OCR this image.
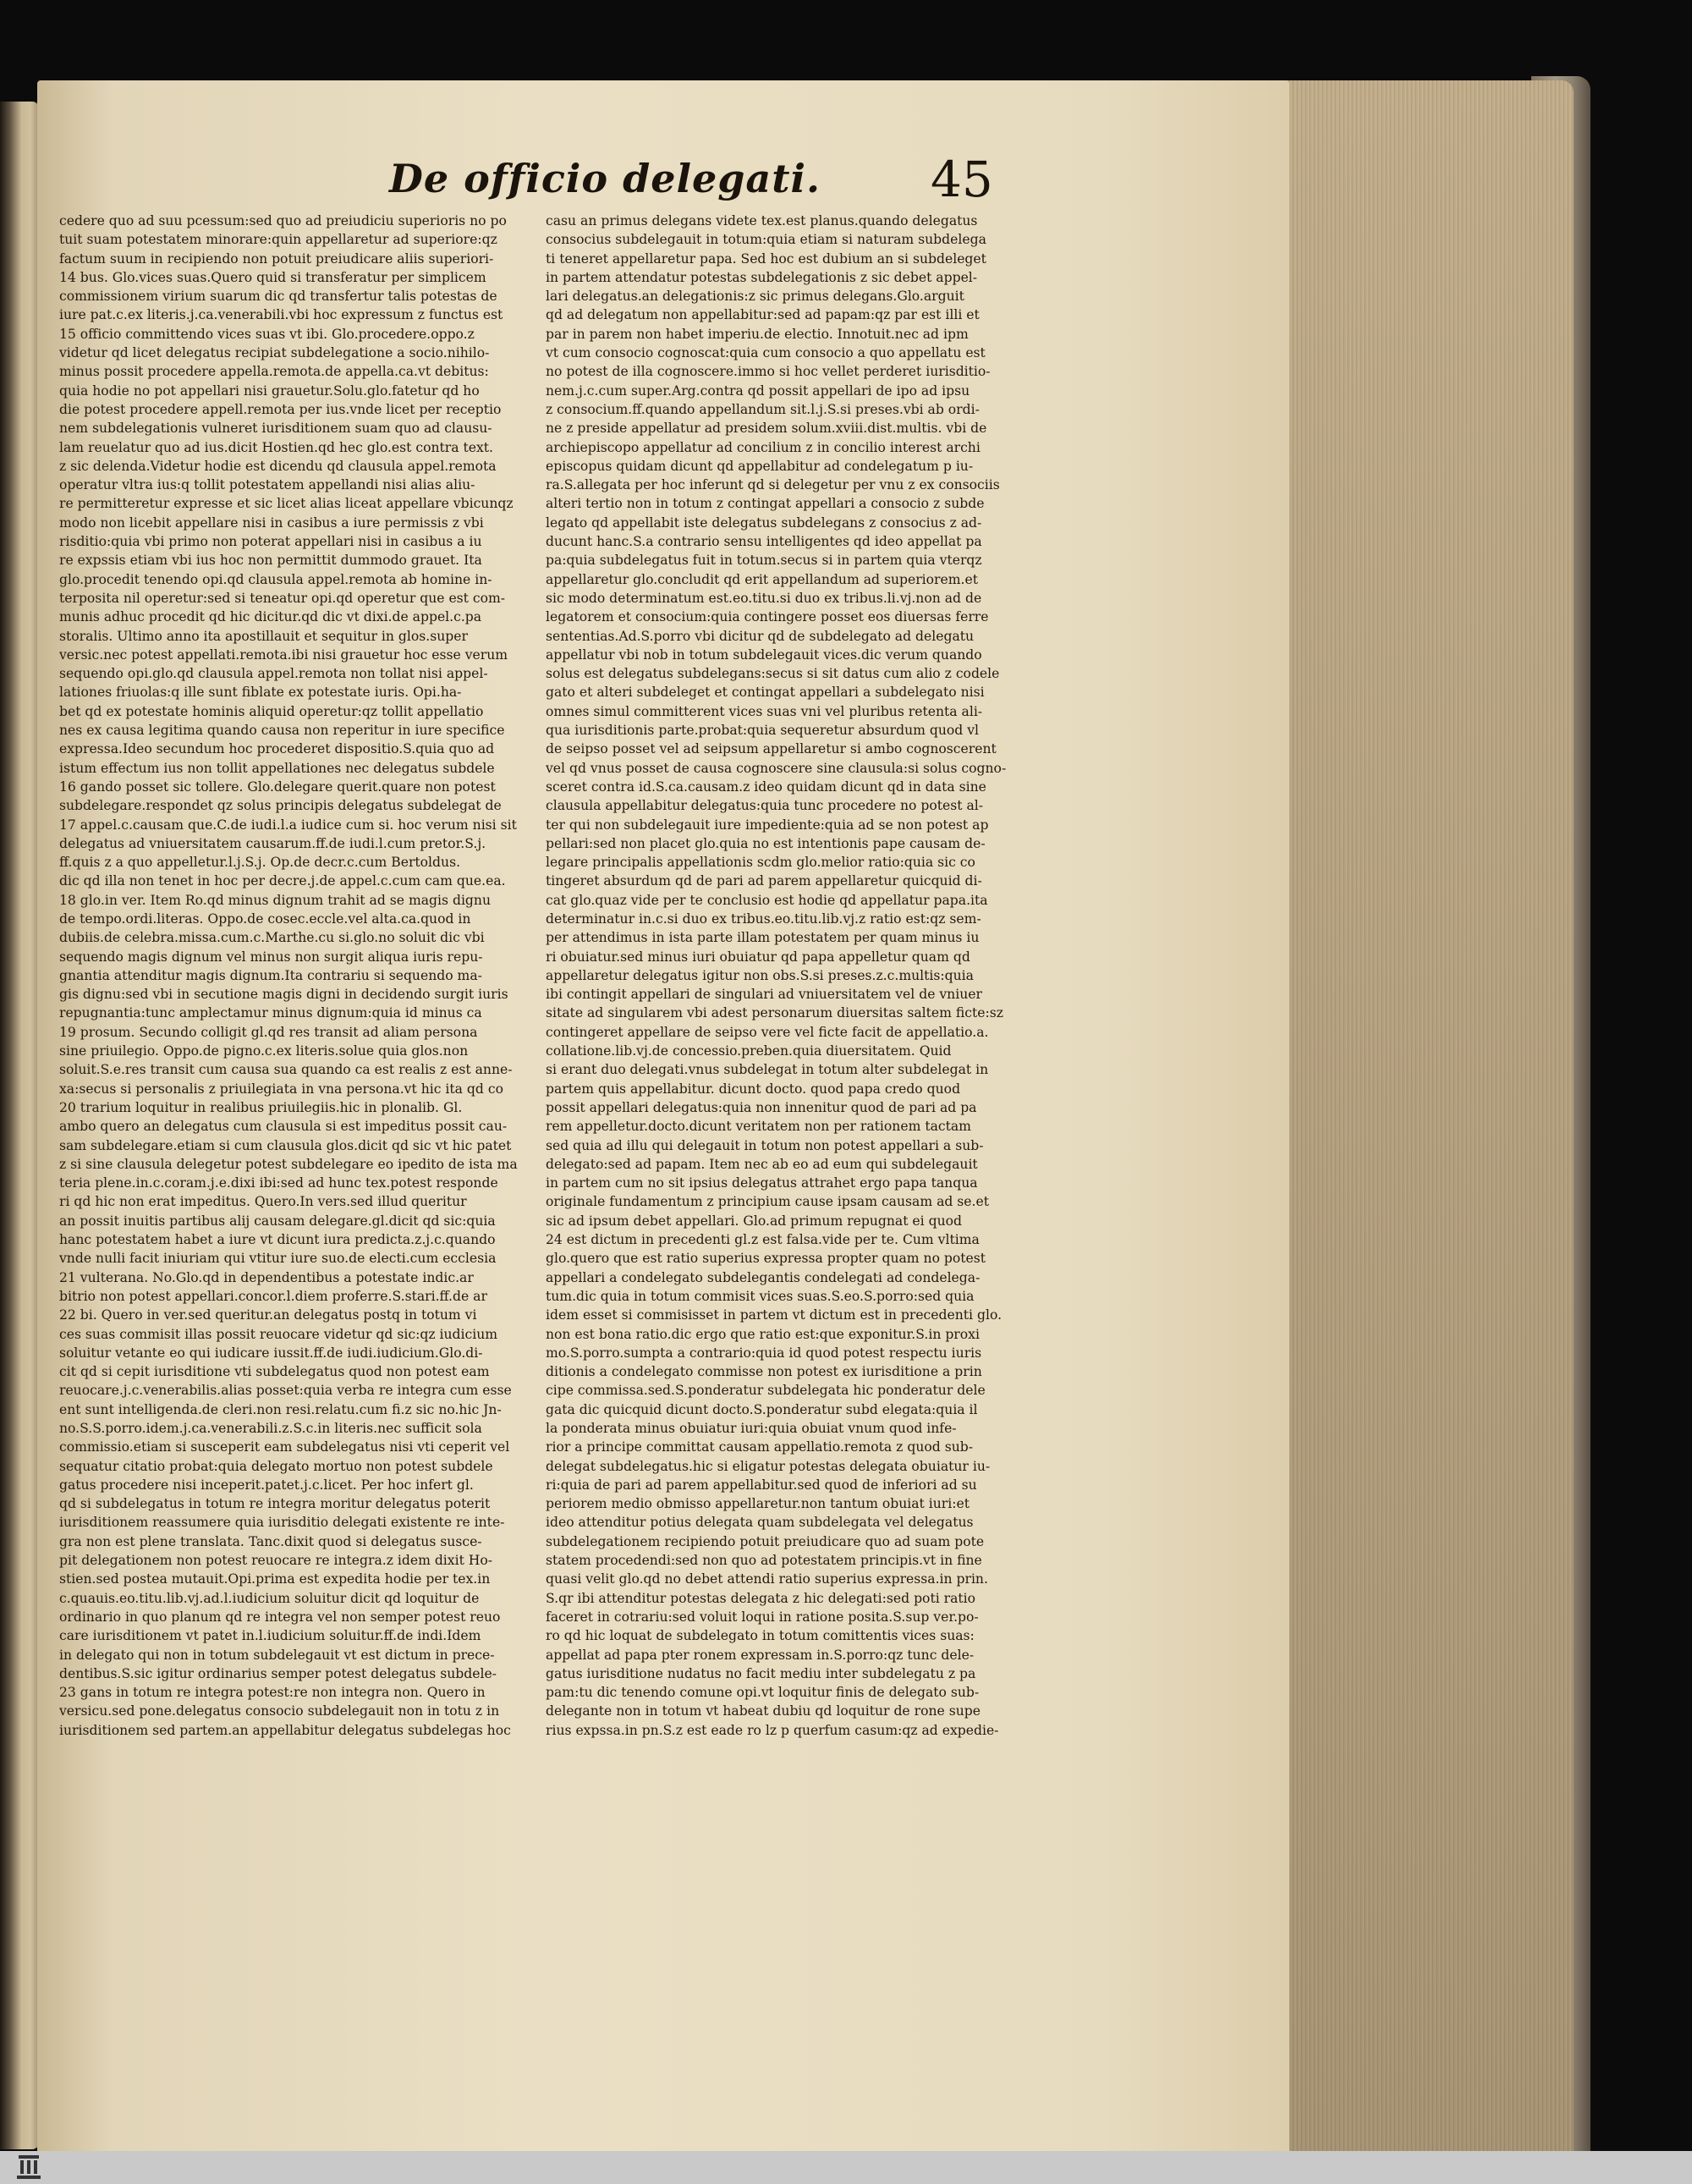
De officio delegati. 45
cedere quo ad suu pcessum:sed quo ad preiudiciu superioris no po
tuit suam potestatem minorare:quin appellaretur ad superiore:qz
factum suum in recipiendo non potuit preiudicare aliis superiori-
14 bus. Glo.vices suas.Quero quid si transferatur per simplicem
commissionem virium suarum dic qd transfertur talis potestas de
iure pat.c.ex literis.j.ca.venerabili.vbi hoc expressum z functus est
15 officio committendo vices suas vt ibi. Glo.procedere.oppo.z
videtur qd licet delegatus recipiat subdelegatione a socio.nihilo-
minus possit procedere appella.remota.de appella.ca.vt debitus:
quia hodie no pot appellari nisi grauetur.Solu.glo.fatetur qd ho
die potest procedere appell.remota per ius.vnde licet per receptio
nem subdelegationis vulneret iurisditionem suam quo ad clausu-
lam reuelatur quo ad ius.dicit Hostien.qd hec glo.est contra text.
z sic delenda.Videtur hodie est dicendu qd clausula appel.remota
operatur vltra ius:q tollit potestatem appellandi nisi alias aliu-
re permitteretur expresse et sic licet alias liceat appellare vbicunqz
modo non licebit appellare nisi in casibus a iure permissis z vbi
risditio:quia vbi primo non poterat appellari nisi in casibus a iu
re expssis etiam vbi ius hoc non permittit dummodo grauet. Ita
glo.procedit tenendo opi.qd clausula appel.remota ab homine in-
terposita nil operetur:sed si teneatur opi.qd operetur que est com-
munis adhuc procedit qd hic dicitur.qd dic vt dixi.de appel.c.pa
storalis. Ultimo anno ita apostillauit et sequitur in glos.super
versic.nec potest appellati.remota.ibi nisi grauetur hoc esse verum
sequendo opi.glo.qd clausula appel.remota non tollat nisi appel-
lationes friuolas:q ille sunt fiblate ex potestate iuris. Opi.ha-
bet qd ex potestate hominis aliquid operetur:qz tollit appellatio
nes ex causa legitima quando causa non reperitur in iure specifice
expressa.Ideo secundum hoc procederet dispositio.S.quia quo ad
istum effectum ius non tollit appellationes nec delegatus subdele
16 gando posset sic tollere. Glo.delegare querit.quare non potest
subdelegare.respondet qz solus principis delegatus subdelegat de
17 appel.c.causam que.C.de iudi.l.a iudice cum si. hoc verum nisi sit
delegatus ad vniuersitatem causarum.ff.de iudi.l.cum pretor.S.j.
ff.quis z a quo appelletur.l.j.S.j. Op.de decr.c.cum Bertoldus.
dic qd illa non tenet in hoc per decre.j.de appel.c.cum cam que.ea.
18 glo.in ver. Item Ro.qd minus dignum trahit ad se magis dignu
de tempo.ordi.literas. Oppo.de cosec.eccle.vel alta.ca.quod in
dubiis.de celebra.missa.cum.c.Marthe.cu si.glo.no soluit dic vbi
sequendo magis dignum vel minus non surgit aliqua iuris repu-
gnantia attenditur magis dignum.Ita contrariu si sequendo ma-
gis dignu:sed vbi in secutione magis digni in decidendo surgit iuris
repugnantia:tunc amplectamur minus dignum:quia id minus ca
19 prosum. Secundo colligit gl.qd res transit ad aliam persona
sine priuilegio. Oppo.de pigno.c.ex literis.solue quia glos.non
soluit.S.e.res transit cum causa sua quando ca est realis z est anne-
xa:secus si personalis z priuilegiata in vna persona.vt hic ita qd co
20 trarium loquitur in realibus priuilegiis.hic in plonalib. Gl.
ambo quero an delegatus cum clausula si est impeditus possit cau-
sam subdelegare.etiam si cum clausula glos.dicit qd sic vt hic patet
z si sine clausula delegetur potest subdelegare eo ipedito de ista ma
teria plene.in.c.coram.j.e.dixi ibi:sed ad hunc tex.potest responde
ri qd hic non erat impeditus. Quero.In vers.sed illud queritur
an possit inuitis partibus alij causam delegare.gl.dicit qd sic:quia
hanc potestatem habet a iure vt dicunt iura predicta.z.j.c.quando
vnde nulli facit iniuriam qui vtitur iure suo.de electi.cum ecclesia
21 vulterana. No.Glo.qd in dependentibus a potestate indic.ar
bitrio non potest appellari.concor.l.diem proferre.S.stari.ff.de ar
22 bi. Quero in ver.sed queritur.an delegatus postq in totum vi
ces suas commisit illas possit reuocare videtur qd sic:qz iudicium
soluitur vetante eo qui iudicare iussit.ff.de iudi.iudicium.Glo.di-
cit qd si cepit iurisditione vti subdelegatus quod non potest eam
reuocare.j.c.venerabilis.alias posset:quia verba re integra cum esse
ent sunt intelligenda.de cleri.non resi.relatu.cum fi.z sic no.hic Jn-
no.S.S.porro.idem.j.ca.venerabili.z.S.c.in literis.nec sufficit sola
commissio.etiam si susceperit eam subdelegatus nisi vti ceperit vel
sequatur citatio probat:quia delegato mortuo non potest subdele
gatus procedere nisi inceperit.patet.j.c.licet. Per hoc infert gl.
qd si subdelegatus in totum re integra moritur delegatus poterit
iurisditionem reassumere quia iurisditio delegati existente re inte-
gra non est plene translata. Tanc.dixit quod si delegatus susce-
pit delegationem non potest reuocare re integra.z idem dixit Ho-
stien.sed postea mutauit.Opi.prima est expedita hodie per tex.in
c.quauis.eo.titu.lib.vj.ad.l.iudicium soluitur dicit qd loquitur de
ordinario in quo planum qd re integra vel non semper potest reuo
care iurisditionem vt patet in.l.iudicium soluitur.ff.de indi.Idem
in delegato qui non in totum subdelegauit vt est dictum in prece-
dentibus.S.sic igitur ordinarius semper potest delegatus subdele-
23 gans in totum re integra potest:re non integra non. Quero in
versicu.sed pone.delegatus consocio subdelegauit non in totu z in
iurisditionem sed partem.an appellabitur delegatus subdelegas hoc
casu an primus delegans videte tex.est planus.quando delegatus
consocius subdelegauit in totum:quia etiam si naturam subdelega
ti teneret appellaretur papa. Sed hoc est dubium an si subdeleget
in partem attendatur potestas subdelegationis z sic debet appel-
lari delegatus.an delegationis:z sic primus delegans.Glo.arguit
qd ad delegatum non appellabitur:sed ad papam:qz par est illi et
par in parem non habet imperiu.de electio. Innotuit.nec ad ipm
vt cum consocio cognoscat:quia cum consocio a quo appellatu est
no potest de illa cognoscere.immo si hoc vellet perderet iurisditio-
nem.j.c.cum super.Arg.contra qd possit appellari de ipo ad ipsu
z consocium.ff.quando appellandum sit.l.j.S.si preses.vbi ab ordi-
ne z preside appellatur ad presidem solum.xviii.dist.multis. vbi de
archiepiscopo appellatur ad concilium z in concilio interest archi
episcopus quidam dicunt qd appellabitur ad condelegatum p iu-
ra.S.allegata per hoc inferunt qd si delegetur per vnu z ex consociis
alteri tertio non in totum z contingat appellari a consocio z subde
legato qd appellabit iste delegatus subdelegans z consocius z ad-
ducunt hanc.S.a contrario sensu intelligentes qd ideo appellat pa
pa:quia subdelegatus fuit in totum.secus si in partem quia vterqz
appellaretur glo.concludit qd erit appellandum ad superiorem.et
sic modo determinatum est.eo.titu.si duo ex tribus.li.vj.non ad de
legatorem et consocium:quia contingere posset eos diuersas ferre
sententias.Ad.S.porro vbi dicitur qd de subdelegato ad delegatu
appellatur vbi nob in totum subdelegauit vices.dic verum quando
solus est delegatus subdelegans:secus si sit datus cum alio z codele
gato et alteri subdeleget et contingat appellari a subdelegato nisi
omnes simul committerent vices suas vni vel pluribus retenta ali-
qua iurisditionis parte.probat:quia sequeretur absurdum quod vl
de seipso posset vel ad seipsum appellaretur si ambo cognoscerent
vel qd vnus posset de causa cognoscere sine clausula:si solus cogno-
sceret contra id.S.ca.causam.z ideo quidam dicunt qd in data sine
clausula appellabitur delegatus:quia tunc procedere no potest al-
ter qui non subdelegauit iure impediente:quia ad se non potest ap
pellari:sed non placet glo.quia no est intentionis pape causam de-
legare principalis appellationis scdm glo.melior ratio:quia sic co
tingeret absurdum qd de pari ad parem appellaretur quicquid di-
cat glo.quaz vide per te conclusio est hodie qd appellatur papa.ita
determinatur in.c.si duo ex tribus.eo.titu.lib.vj.z ratio est:qz sem-
per attendimus in ista parte illam potestatem per quam minus iu
ri obuiatur.sed minus iuri obuiatur qd papa appelletur quam qd
appellaretur delegatus igitur non obs.S.si preses.z.c.multis:quia
ibi contingit appellari de singulari ad vniuersitatem vel de vniuer
sitate ad singularem vbi adest personarum diuersitas saltem ficte:sz
contingeret appellare de seipso vere vel ficte facit de appellatio.a.
collatione.lib.vj.de concessio.preben.quia diuersitatem. Quid
si erant duo delegati.vnus subdelegat in totum alter subdelegat in
partem quis appellabitur. dicunt docto. quod papa credo quod
possit appellari delegatus:quia non innenitur quod de pari ad pa
rem appelletur.docto.dicunt veritatem non per rationem tactam
sed quia ad illu qui delegauit in totum non potest appellari a sub-
delegato:sed ad papam. Item nec ab eo ad eum qui subdelegauit
in partem cum no sit ipsius delegatus attrahet ergo papa tanqua
originale fundamentum z principium cause ipsam causam ad se.et
sic ad ipsum debet appellari. Glo.ad primum repugnat ei quod
24 est dictum in precedenti gl.z est falsa.vide per te. Cum vltima
glo.quero que est ratio superius expressa propter quam no potest
appellari a condelegato subdelegantis condelegati ad condelega-
tum.dic quia in totum commisit vices suas.S.eo.S.porro:sed quia
idem esset si commisisset in partem vt dictum est in precedenti glo.
non est bona ratio.dic ergo que ratio est:que exponitur.S.in proxi
mo.S.porro.sumpta a contrario:quia id quod potest respectu iuris
ditionis a condelegato commisse non potest ex iurisditione a prin
cipe commissa.sed.S.ponderatur subdelegata hic ponderatur dele
gata dic quicquid dicunt docto.S.ponderatur subd elegata:quia il
la ponderata minus obuiatur iuri:quia obuiat vnum quod infe-
rior a principe committat causam appellatio.remota z quod sub-
delegat subdelegatus.hic si eligatur potestas delegata obuiatur iu-
ri:quia de pari ad parem appellabitur.sed quod de inferiori ad su
periorem medio obmisso appellaretur.non tantum obuiat iuri:et
ideo attenditur potius delegata quam subdelegata vel delegatus
subdelegationem recipiendo potuit preiudicare quo ad suam pote
statem procedendi:sed non quo ad potestatem principis.vt in fine
quasi velit glo.qd no debet attendi ratio superius expressa.in prin.
S.qr ibi attenditur potestas delegata z hic delegati:sed poti ratio
faceret in cotrariu:sed voluit loqui in ratione posita.S.sup ver.po-
ro qd hic loquat de subdelegato in totum comittentis vices suas:
appellat ad papa pter ronem expressam in.S.porro:qz tunc dele-
gatus iurisditione nudatus no facit mediu inter subdelegatu z pa
pam:tu dic tenendo comune opi.vt loquitur finis de delegato sub-
delegante non in totum vt habeat dubiu qd loquitur de rone supe
rius expssa.in pn.S.z est eade ro lz p querfum casum:qz ad expedie-
